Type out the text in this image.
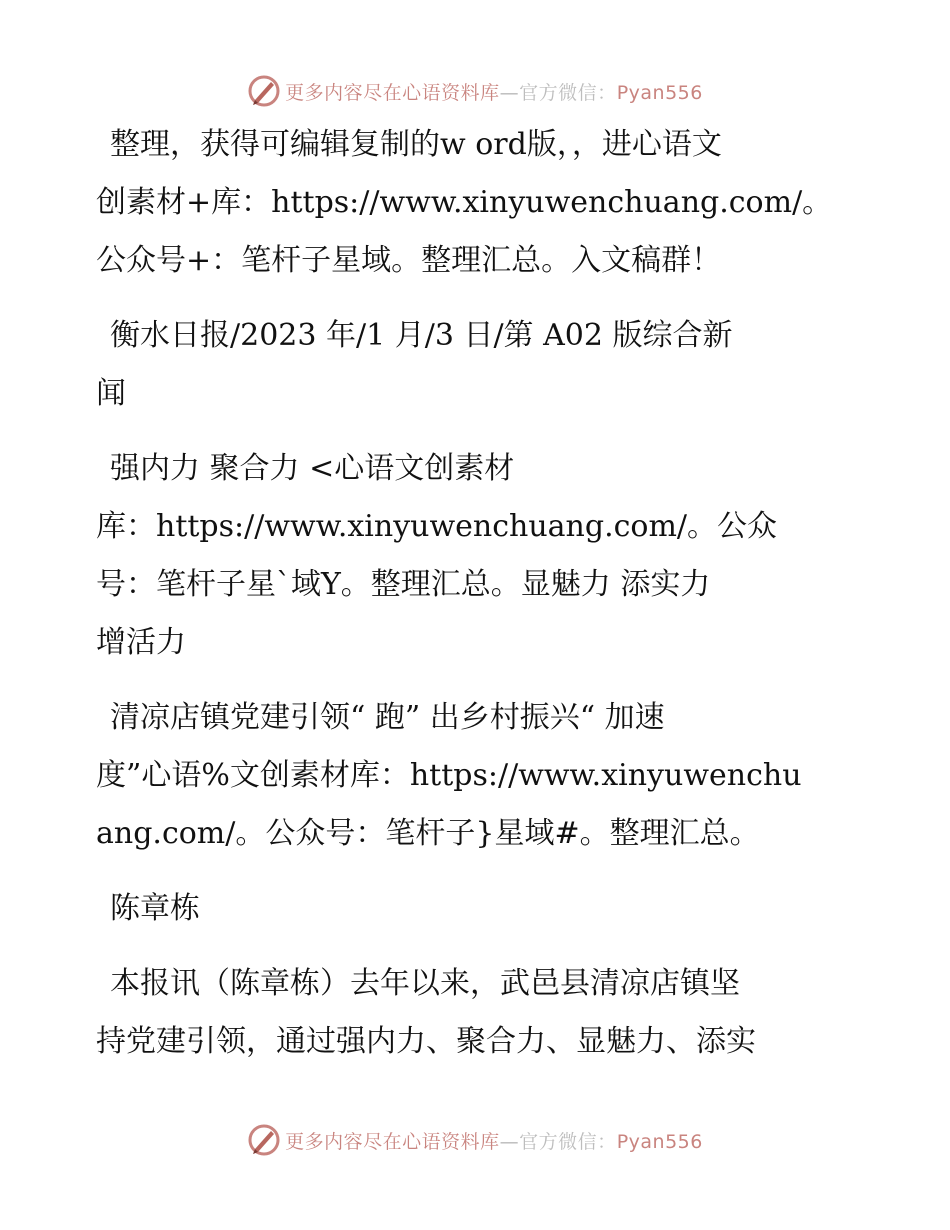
更多内容尽在心语资料库—官方微信：Pyan556

整理，获得可编辑复制的w ord版，，进心语文
创素材+库：https://www.xinyuwenchuang.com/。
公众号+：笔杆子星域。整理汇总。入文稿群！

衡水日报/2023 年/1 月/3 日/第 A02 版综合新
闻

强内力 聚合力 <心语文创素材
库：https://www.xinyuwenchuang.com/。公众
号：笔杆子星`域Y。整理汇总。显魅力 添实力
增活力

清凉店镇党建引领“ 跑” 出乡村振兴“ 加速
度”心语%文创素材库：https://www.xinyuwenchu
ang.com/。公众号：笔杆子}星域#。整理汇总。

陈章栋

本报讯（陈章栋）去年以来，武邑县清凉店镇坚
持党建引领，通过强内力、聚合力、显魅力、添实

更多内容尽在心语资料库—官方微信：Pyan556
